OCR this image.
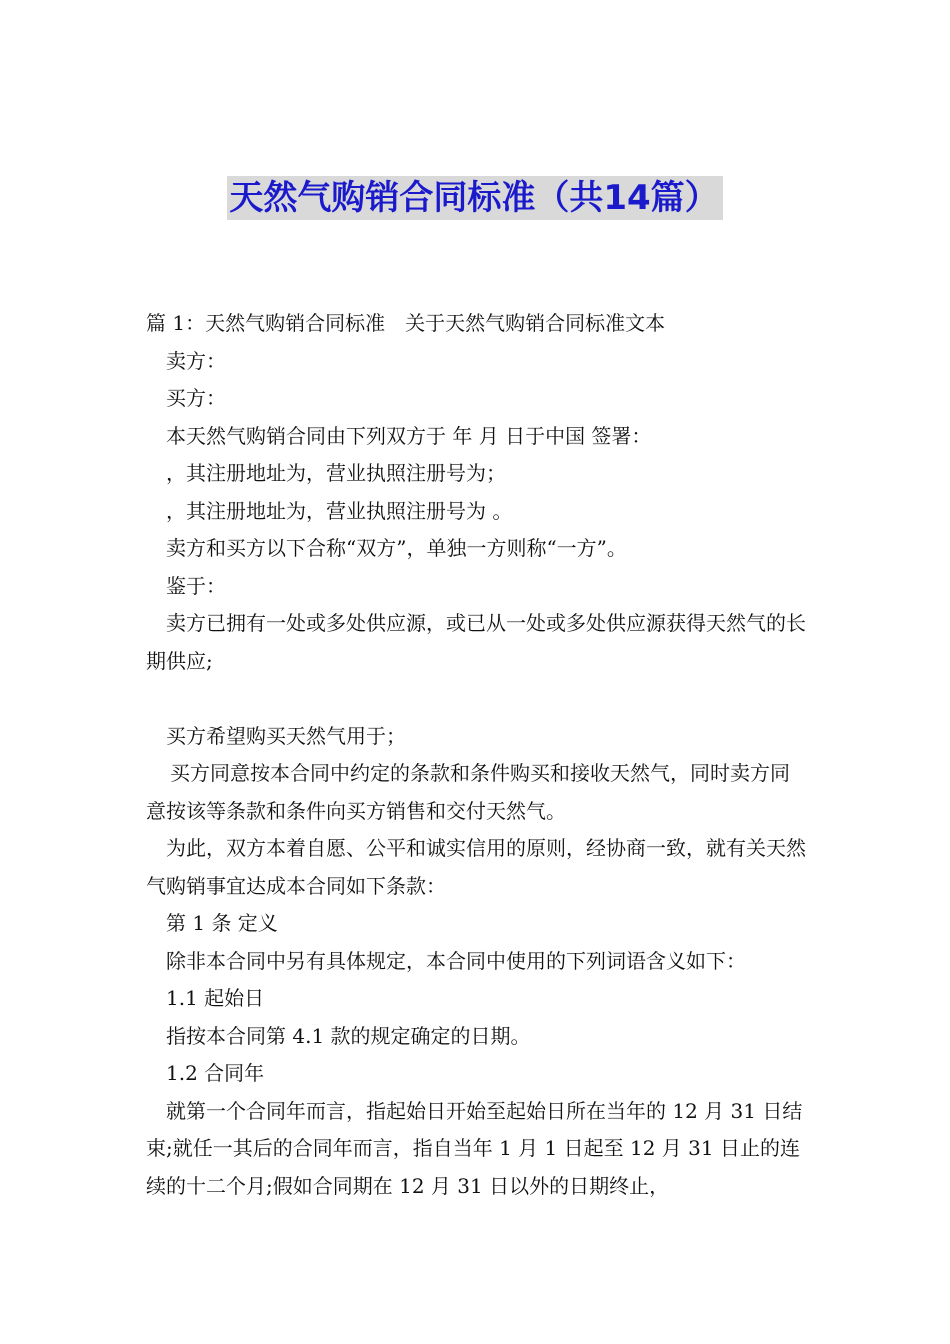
天然气购销合同标准（共14篇）

篇 1：天然气购销合同标准　关于天然气购销合同标准文本

卖方：

买方：

本天然气购销合同由下列双方于 年 月 日于中国 签署：

，其注册地址为，营业执照注册号为；

，其注册地址为，营业执照注册号为 。

卖方和买方以下合称“双方”，单独一方则称“一方”。

鉴于：

卖方已拥有一处或多处供应源，或已从一处或多处供应源获得天然气的长期供应;

买方希望购买天然气用于；

买方同意按本合同中约定的条款和条件购买和接收天然气，同时卖方同意按该等条款和条件向买方销售和交付天然气。

为此，双方本着自愿、公平和诚实信用的原则，经协商一致，就有关天然气购销事宜达成本合同如下条款：

第 1 条 定义

除非本合同中另有具体规定，本合同中使用的下列词语含义如下：

1.1 起始日

指按本合同第 4.1 款的规定确定的日期。

1.2 合同年

就第一个合同年而言，指起始日开始至起始日所在当年的 12 月 31 日结束;就任一其后的合同年而言，指自当年 1 月 1 日起至 12 月 31 日止的连续的十二个月;假如合同期在 12 月 31 日以外的日期终止，
